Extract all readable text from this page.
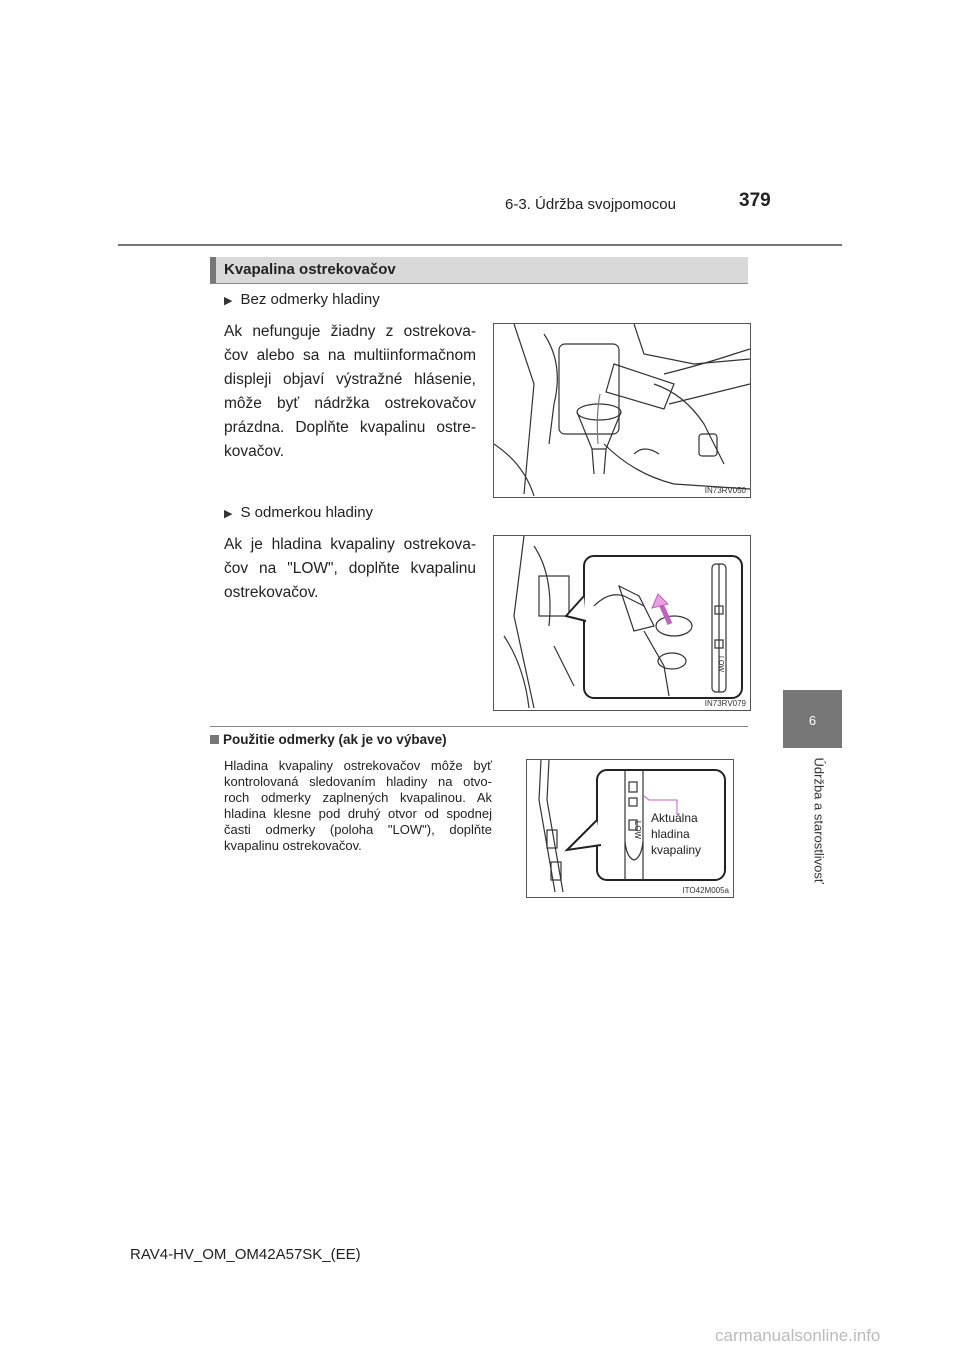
6-3. Údržba svojpomocou	379
6
Údržba a starostlivosť
Kvapalina ostrekovačov
▶ Bez odmerky hladiny
Ak nefunguje žiadny z ostrekova- čov alebo sa na multiinformačnom displeji objaví výstražné hlásenie, môže byť nádržka ostrekovačov prázdna. Doplňte kvapalinu ostre- kovačov.
IN73RV050
▶ S odmerkou hladiny
Ak je hladina kvapaliny ostrekova- čov na "LOW", doplňte kvapalinu ostrekovačov.
LOW
IN73RV079
Použitie odmerky (ak je vo výbave)
Hladina kvapaliny ostrekovačov môže byť kontrolovaná sledovaním hladiny na otvo- roch odmerky zaplnených kvapalinou. Ak hladina klesne pod druhý otvor od spodnej časti odmerky (poloha "LOW"), doplňte kvapalinu ostrekovačov.
LOW
Aktuálna hladina kvapaliny
ITO42M005a
RAV4-HV_OM_OM42A57SK_(EE)
carmanualsonline.info
